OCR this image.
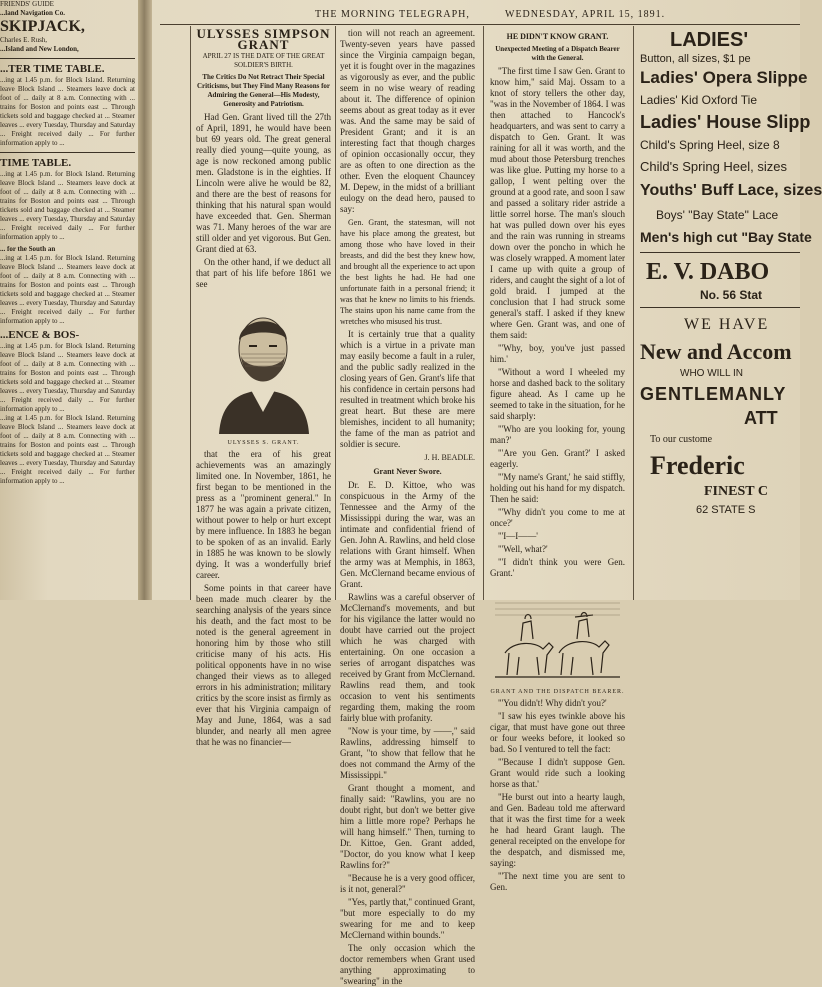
THE MORNING TELEGRAPH,	WEDNESDAY, APRIL 15, 1891.
FRIENDS' GUIDE
...land Navigation Co.
SKIPJACK,
Charles E. Rush,
...Island and New London,
...TER TIME TABLE.
...ing at 1.45 p.m. for Block Island. Returning leave Block Island ... Steamers leave dock at foot of ... daily at 8 a.m. Connecting with ... trains for Boston and points east ... Through tickets sold and baggage checked at ... Steamer leaves ... every Tuesday, Thursday and Saturday ... Freight received daily ... For further information apply to ...
TIME TABLE.
...ing at 1.45 p.m. for Block Island. Returning leave Block Island ... Steamers leave dock at foot of ... daily at 8 a.m. Connecting with ... trains for Boston and points east ... Through tickets sold and baggage checked at ... Steamer leaves ... every Tuesday, Thursday and Saturday ... Freight received daily ... For further information apply to ...
... for the South an
...ing at 1.45 p.m. for Block Island. Returning leave Block Island ... Steamers leave dock at foot of ... daily at 8 a.m. Connecting with ... trains for Boston and points east ... Through tickets sold and baggage checked at ... Steamer leaves ... every Tuesday, Thursday and Saturday ... Freight received daily ... For further information apply to ...
...ENCE & BOS-
...ing at 1.45 p.m. for Block Island. Returning leave Block Island ... Steamers leave dock at foot of ... daily at 8 a.m. Connecting with ... trains for Boston and points east ... Through tickets sold and baggage checked at ... Steamer leaves ... every Tuesday, Thursday and Saturday ... Freight received daily ... For further information apply to ...
...ing at 1.45 p.m. for Block Island. Returning leave Block Island ... Steamers leave dock at foot of ... daily at 8 a.m. Connecting with ... trains for Boston and points east ... Through tickets sold and baggage checked at ... Steamer leaves ... every Tuesday, Thursday and Saturday ... Freight received daily ... For further information apply to ...
ULYSSES SIMPSON GRANT
APRIL 27 IS THE DATE OF THE GREAT SOLDIER'S BIRTH.
The Critics Do Not Retract Their Special Criticisms, but They Find Many Reasons for Admiring the General—His Modesty, Generosity and Patriotism.

Had Gen. Grant lived till the 27th of April, 1891, he would have been but 69 years old. The great general really died young—quite young, as age is now reckoned among public men. Gladstone is in the eighties. If Lincoln were alive he would be 82, and there are the best of reasons for thinking that his natural span would have exceeded that. Gen. Sherman was 71. Many heroes of the war are still older and yet vigorous. But Gen. Grant died at 63.

On the other hand, if we deduct all that part of his life before 1861 we see

ULYSSES S. GRANT.

that the era of his great achievements was an amazingly limited one. In November, 1861, he first began to be mentioned in the press as a "prominent general." In 1877 he was again a private citizen, without power to help or hurt except by mere influence. In 1883 he began to be spoken of as an invalid. Early in 1885 he was known to be slowly dying. It was a wonderfully brief career.

Some points in that career have been made much clearer by the searching analysis of the years since his death, and the fact most to be noted is the general agreement in honoring him by those who still criticise many of his acts. His political opponents have in no wise changed their views as to alleged errors in his administration; military critics by the score insist as firmly as ever that his Virginia campaign of May and June, 1864, was a sad blunder, and nearly all men agree that he was no financier—

tion will not reach an agreement. Twenty-seven years have passed since the Virginia campaign began, yet it is fought over in the magazines as vigorously as ever, and the public seem in no wise weary of reading about it. The difference of opinion seems about as great today as it ever was. And the same may be said of President Grant; and it is an interesting fact that though charges of opinion occasionally occur, they are as often to one direction as the other. Even the eloquent Chauncey M. Depew, in the midst of a brilliant eulogy on the dead hero, paused to say:

Gen. Grant, the statesman, will not have his place among the greatest, but among those who have loved in their breasts, and did the best they knew how, and brought all the experience to act upon the best lights he had. He had one unfortunate faith in a personal friend; it was that he knew no limits to his friends. The stains upon his name came from the wretches who misused his trust.

It is certainly true that a quality which is a virtue in a private man may easily become a fault in a ruler, and the public sadly realized in the closing years of Gen. Grant's life that his confidence in certain persons had resulted in treatment which broke his great heart. But these are mere blemishes, incident to all humanity; the fame of the man as patriot and soldier is secure.

J. H. BEADLE.
Grant Never Swore.

Dr. E. D. Kittoe, who was conspicuous in the Army of the Tennessee and the Army of the Mississippi during the war, was an intimate and confidential friend of Gen. John A. Rawlins, and held close relations with Grant himself. When the army was at Memphis, in 1863, Gen. McClernand became envious of Grant.

Rawlins was a careful observer of McClernand's movements, and but for his vigilance the latter would no doubt have carried out the project which he was charged with entertaining. On one occasion a series of arrogant dispatches was received by Grant from McClernand. Rawlins read them, and took occasion to vent his sentiments regarding them, making the room fairly blue with profanity.

"Now is your time, by ——," said Rawlins, addressing himself to Grant, "to show that fellow that he does not command the Army of the Mississippi."

Grant thought a moment, and finally said: "Rawlins, you are no doubt right, but don't we better give him a little more rope? Perhaps he will hang himself." Then, turning to Dr. Kittoe, Gen. Grant added, "Doctor, do you know what I keep Rawlins for?"

"Because he is a very good officer, is it not, general?"

"Yes, partly that," continued Grant, "but more especially to do my swearing for me and to keep McClernand within bounds."

The only occasion which the doctor remembers when Grant used anything approximating to "swearing" in the

HE DIDN'T KNOW GRANT.
Unexpected Meeting of a Dispatch Bearer with the General.

"The first time I saw Gen. Grant to know him," said Maj. Ossam to a knot of story tellers the other day, "was in the November of 1864. I was then attached to Hancock's headquarters, and was sent to carry a dispatch to Gen. Grant. It was raining for all it was worth, and the mud about those Petersburg trenches was like glue. Putting my horse to a gallop, I went pelting over the ground at a good rate, and soon I saw and passed a solitary rider astride a little sorrel horse. The man's slouch hat was pulled down over his eyes and the rain was running in streams down over the poncho in which he was closely wrapped. A moment later I came up with quite a group of riders, and caught the sight of a lot of gold braid. I jumped at the conclusion that I had struck some general's staff. I asked if they knew where Gen. Grant was, and one of them said:

"'Why, boy, you've just passed him.'

"Without a word I wheeled my horse and dashed back to the solitary figure ahead. As I came up he seemed to take in the situation, for he said sharply:

"'Who are you looking for, young man?'

"'Are you Gen. Grant?' I asked eagerly.

"'My name's Grant,' he said stiffly, holding out his hand for my dispatch. Then he said:

"'Why didn't you come to me at once?'

"'I—I——'

"'Well, what?'

"'I didn't think you were Gen. Grant.'

GRANT AND THE DISPATCH BEARER.

"'You didn't! Why didn't you?'

"I saw his eyes twinkle above his cigar, that must have gone out three or four weeks before, it looked so bad. So I ventured to tell the fact:

"'Because I didn't suppose Gen. Grant would ride such a looking horse as that.'

"He burst out into a hearty laugh, and Gen. Badeau told me afterward that it was the first time for a week he had heard Grant laugh. The general receipted on the envelope for the despatch, and dismissed me, saying:

"'The next time you are sent to Gen.

LADIES'
Button, all sizes, $1 pe
Ladies' Opera Slippe
Ladies' Kid Oxford Tie
Ladies' House Slipp
Child's Spring Heel, size 8
Child's Spring Heel, sizes
Youths' Buff Lace, sizes
Boys' "Bay State" Lace
Men's high cut "Bay State
E. V. DABO
No. 56 Stat
WE HAVE
New and Accom
WHO WILL IN
GENTLEMANLY
ATT
To our custome
Frederic
FINEST C
62 STATE S
